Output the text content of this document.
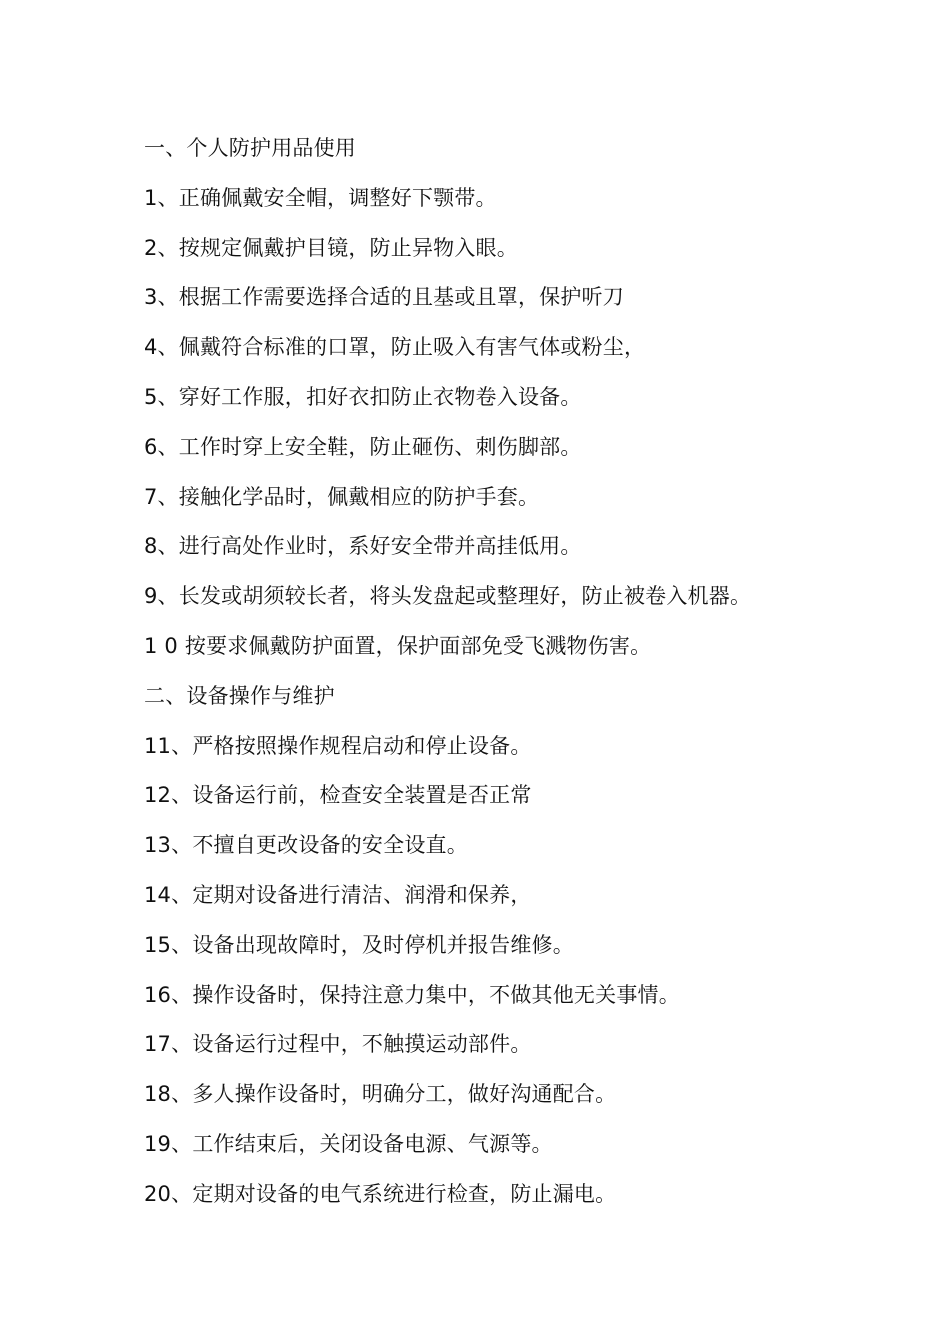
一、个人防护用品使用
1、正确佩戴安全帽，调整好下颚带。
2、按规定佩戴护目镜，防止异物入眼。
3、根据工作需要选择合适的且基或且罩，保护听刀
4、佩戴符合标准的口罩，防止吸入有害气体或粉尘，
5、穿好工作服，扣好衣扣防止衣物卷入设备。
6、工作时穿上安全鞋，防止砸伤、刺伤脚部。
7、接触化学品时，佩戴相应的防护手套。
8、进行高处作业时，系好安全带并高挂低用。
9、长发或胡须较长者，将头发盘起或整理好，防止被卷入机器。
1 0 按要求佩戴防护面置，保护面部免受飞溅物伤害。
二、设备操作与维护
11、严格按照操作规程启动和停止设备。
12、设备运行前，检查安全装置是否正常
13、不擅自更改设备的安全设直。
14、定期对设备进行清洁、润滑和保养，
15、设备出现故障时，及时停机并报告维修。
16、操作设备时，保持注意力集中，不做其他无关事情。
17、设备运行过程中，不触摸运动部件。
18、多人操作设备时，明确分工，做好沟通配合。
19、工作结束后，关闭设备电源、气源等。
20、定期对设备的电气系统进行检查，防止漏电。
